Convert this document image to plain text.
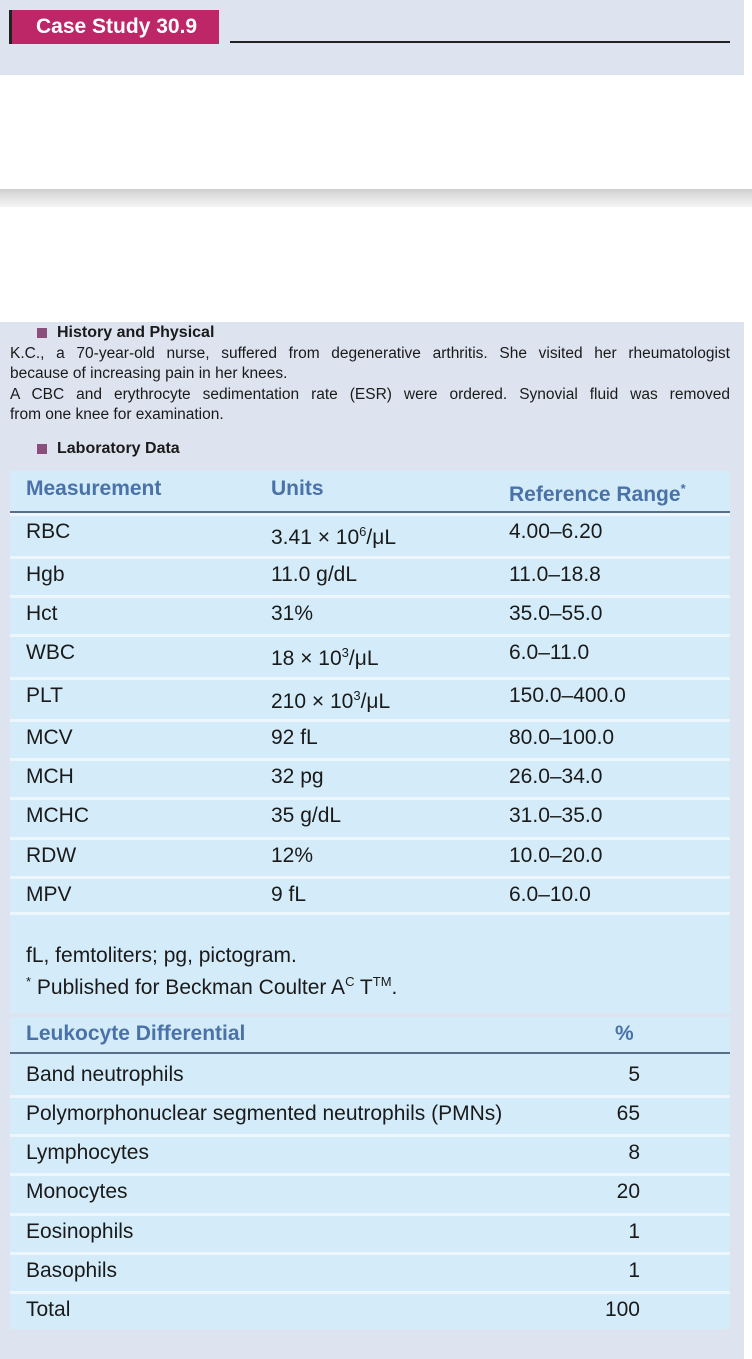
Case Study 30.9
History and Physical
K.C., a 70-year-old nurse, suffered from degenerative arthritis. She visited her rheumatologist
because of increasing pain in her knees.
A CBC and erythrocyte sedimentation rate (ESR) were ordered. Synovial fluid was removed
from one knee for examination.
Laboratory Data
Measurement	Units	Reference Range*
RBC	$3.41 \times 10^6/\mu L$	4.00–6.20
Hgb	11.0 g/dL	11.0–18.8
Hct	31%	35.0–55.0
WBC	$18 \times 10^3/\mu L$	6.0–11.0
PLT	$210 \times 10^3/\mu L$	150.0–400.0
MCV	92 fL	80.0–100.0
MCH	32 pg	26.0–34.0
MCHC	35 g/dL	31.0–35.0
RDW	12%	10.0–20.0
MPV	9 fL	6.0–10.0
fL, femtoliters; pg, pictogram.
* Published for Beckman Coulter $A^C$ T™.
Leukocyte Differential	%
Band neutrophils	5
Polymorphonuclear segmented neutrophils (PMNs)	65
Lymphocytes	8
Monocytes	20
Eosinophils	1
Basophils	1
Total	100
